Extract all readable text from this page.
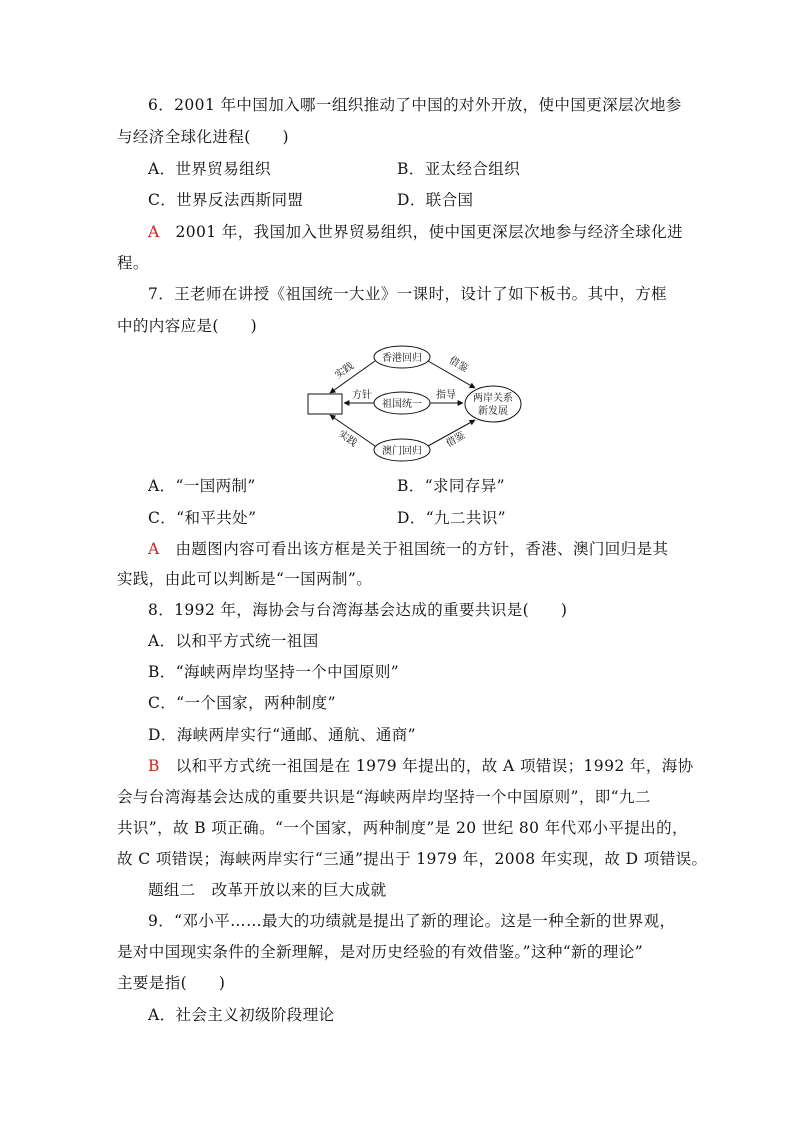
6．2001 年中国加入哪一组织推动了中国的对外开放，使中国更深层次地参
与经济全球化进程(　　)
A．世界贸易组织	B．亚太经合组织
C．世界反法西斯同盟	D．联合国
A　2001 年，我国加入世界贸易组织，使中国更深层次地参与经济全球化进
程。
7．王老师在讲授《祖国统一大业》一课时，设计了如下板书。其中，方框
中的内容应是(　　)
香港回归
祖国统一
澳门回归
两岸关系
新发展
方针	指导
实践
实践
借鉴
借鉴
A．“一国两制”	B．“求同存异”
C．“和平共处”	D．“九二共识”
A　由题图内容可看出该方框是关于祖国统一的方针，香港、澳门回归是其
实践，由此可以判断是“一国两制”。
8．1992 年，海协会与台湾海基会达成的重要共识是(　　)
A．以和平方式统一祖国
B．“海峡两岸均坚持一个中国原则”
C．“一个国家，两种制度”
D．海峡两岸实行“通邮、通航、通商”
B　以和平方式统一祖国是在 1979 年提出的，故 A 项错误；1992 年，海协
会与台湾海基会达成的重要共识是“海峡两岸均坚持一个中国原则”，即“九二
共识”，故 B 项正确。“一个国家，两种制度”是 20 世纪 80 年代邓小平提出的，
故 C 项错误；海峡两岸实行“三通”提出于 1979 年，2008 年实现，故 D 项错误。
题组二　改革开放以来的巨大成就
9．“邓小平……最大的功绩就是提出了新的理论。这是一种全新的世界观，
是对中国现实条件的全新理解，是对历史经验的有效借鉴。”这种“新的理论”
主要是指(　　)
A．社会主义初级阶段理论
